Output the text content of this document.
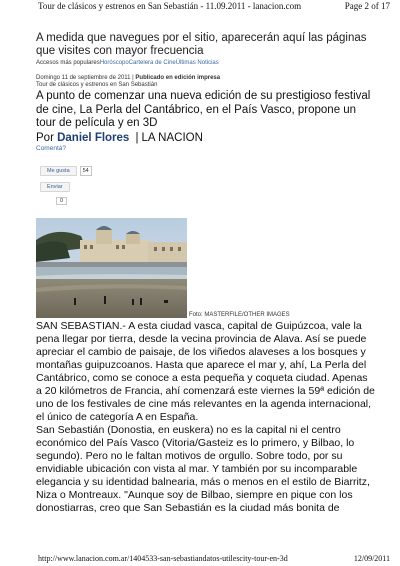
Tour de clásicos y estrenos en San Sebastián - 11.09.2011 - lanacion.com	Page 2 of 17
A medida que navegues por el sitio, aparecerán aquí las páginas que visites con mayor frecuencia
Accesos más popularesHoróscopoCartelera de CineÚltimas Noticias
Domingo 11 de septiembre de 2011 | Publicado en edición impresa
Tour de clásicos y estrenos en San Sebastián
A punto de comenzar una nueva edición de su prestigioso festival de cine, La Perla del Cantábrico, en el País Vasco, propone un tour de película y en 3D
Por Daniel Flores | LA NACION
Comentá?
Me gusta	54
Enviar
0
Foto: MASTERFILE/OTHER IMAGES

SAN SEBASTIAN.- A esta ciudad vasca, capital de Guipúzcoa, vale la pena llegar por tierra, desde la vecina provincia de Alava. Así se puede apreciar el cambio de paisaje, de los viñedos alaveses a los bosques y montañas guipuzcoanos. Hasta que aparece el mar y, ahí, La Perla del Cantábrico, como se conoce a esta pequeña y coqueta ciudad. Apenas a 20 kilómetros de Francia, ahí comenzará este viernes la 59ª edición de uno de los festivales de cine más relevantes en la agenda internacional, el único de categoría A en España.

San Sebastián (Donostia, en euskera) no es la capital ni el centro económico del País Vasco (Vitoria/Gasteiz es lo primero, y Bilbao, lo segundo). Pero no le faltan motivos de orgullo. Sobre todo, por su envidiable ubicación con vista al mar. Y también por su incomparable elegancia y su identidad balnearia, más o menos en el estilo de Biarritz, Niza o Montreaux. "Aunque soy de Bilbao, siempre en pique con los donostiarras, creo que San Sebastián es la ciudad más bonita de

http://www.lanacion.com.ar/1404533-san-sebastiandatos-utilescity-tour-en-3d	12/09/2011
